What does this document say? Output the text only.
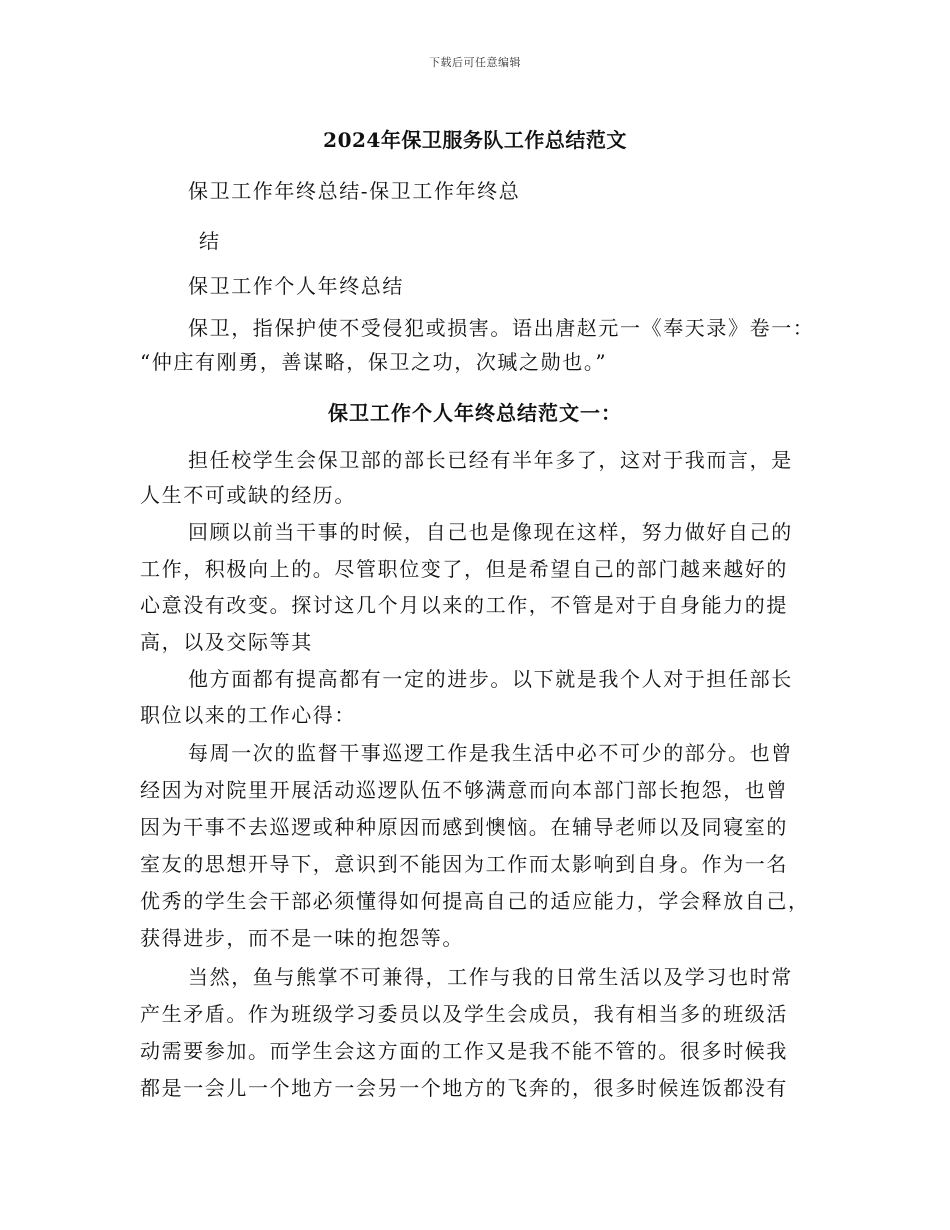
下载后可任意编辑
2024年保卫服务队工作总结范文
保卫工作年终总结-保卫工作年终总
结
保卫工作个人年终总结
保卫，指保护使不受侵犯或损害。语出唐赵元一《奉天录》卷一：
“仲庄有刚勇，善谋略，保卫之功，次瑊之勋也。”
保卫工作个人年终总结范文一：
担任校学生会保卫部的部长已经有半年多了，这对于我而言，是
人生不可或缺的经历。
回顾以前当干事的时候，自己也是像现在这样，努力做好自己的
工作，积极向上的。尽管职位变了，但是希望自己的部门越来越好的
心意没有改变。探讨这几个月以来的工作，不管是对于自身能力的提
高，以及交际等其
他方面都有提高都有一定的进步。以下就是我个人对于担任部长
职位以来的工作心得：
每周一次的监督干事巡逻工作是我生活中必不可少的部分。也曾
经因为对院里开展活动巡逻队伍不够满意而向本部门部长抱怨，也曾
因为干事不去巡逻或种种原因而感到懊恼。在辅导老师以及同寝室的
室友的思想开导下，意识到不能因为工作而太影响到自身。作为一名
优秀的学生会干部必须懂得如何提高自己的适应能力，学会释放自己，
获得进步，而不是一味的抱怨等。
当然，鱼与熊掌不可兼得，工作与我的日常生活以及学习也时常
产生矛盾。作为班级学习委员以及学生会成员，我有相当多的班级活
动需要参加。而学生会这方面的工作又是我不能不管的。很多时候我
都是一会儿一个地方一会另一个地方的飞奔的，很多时候连饭都没有
